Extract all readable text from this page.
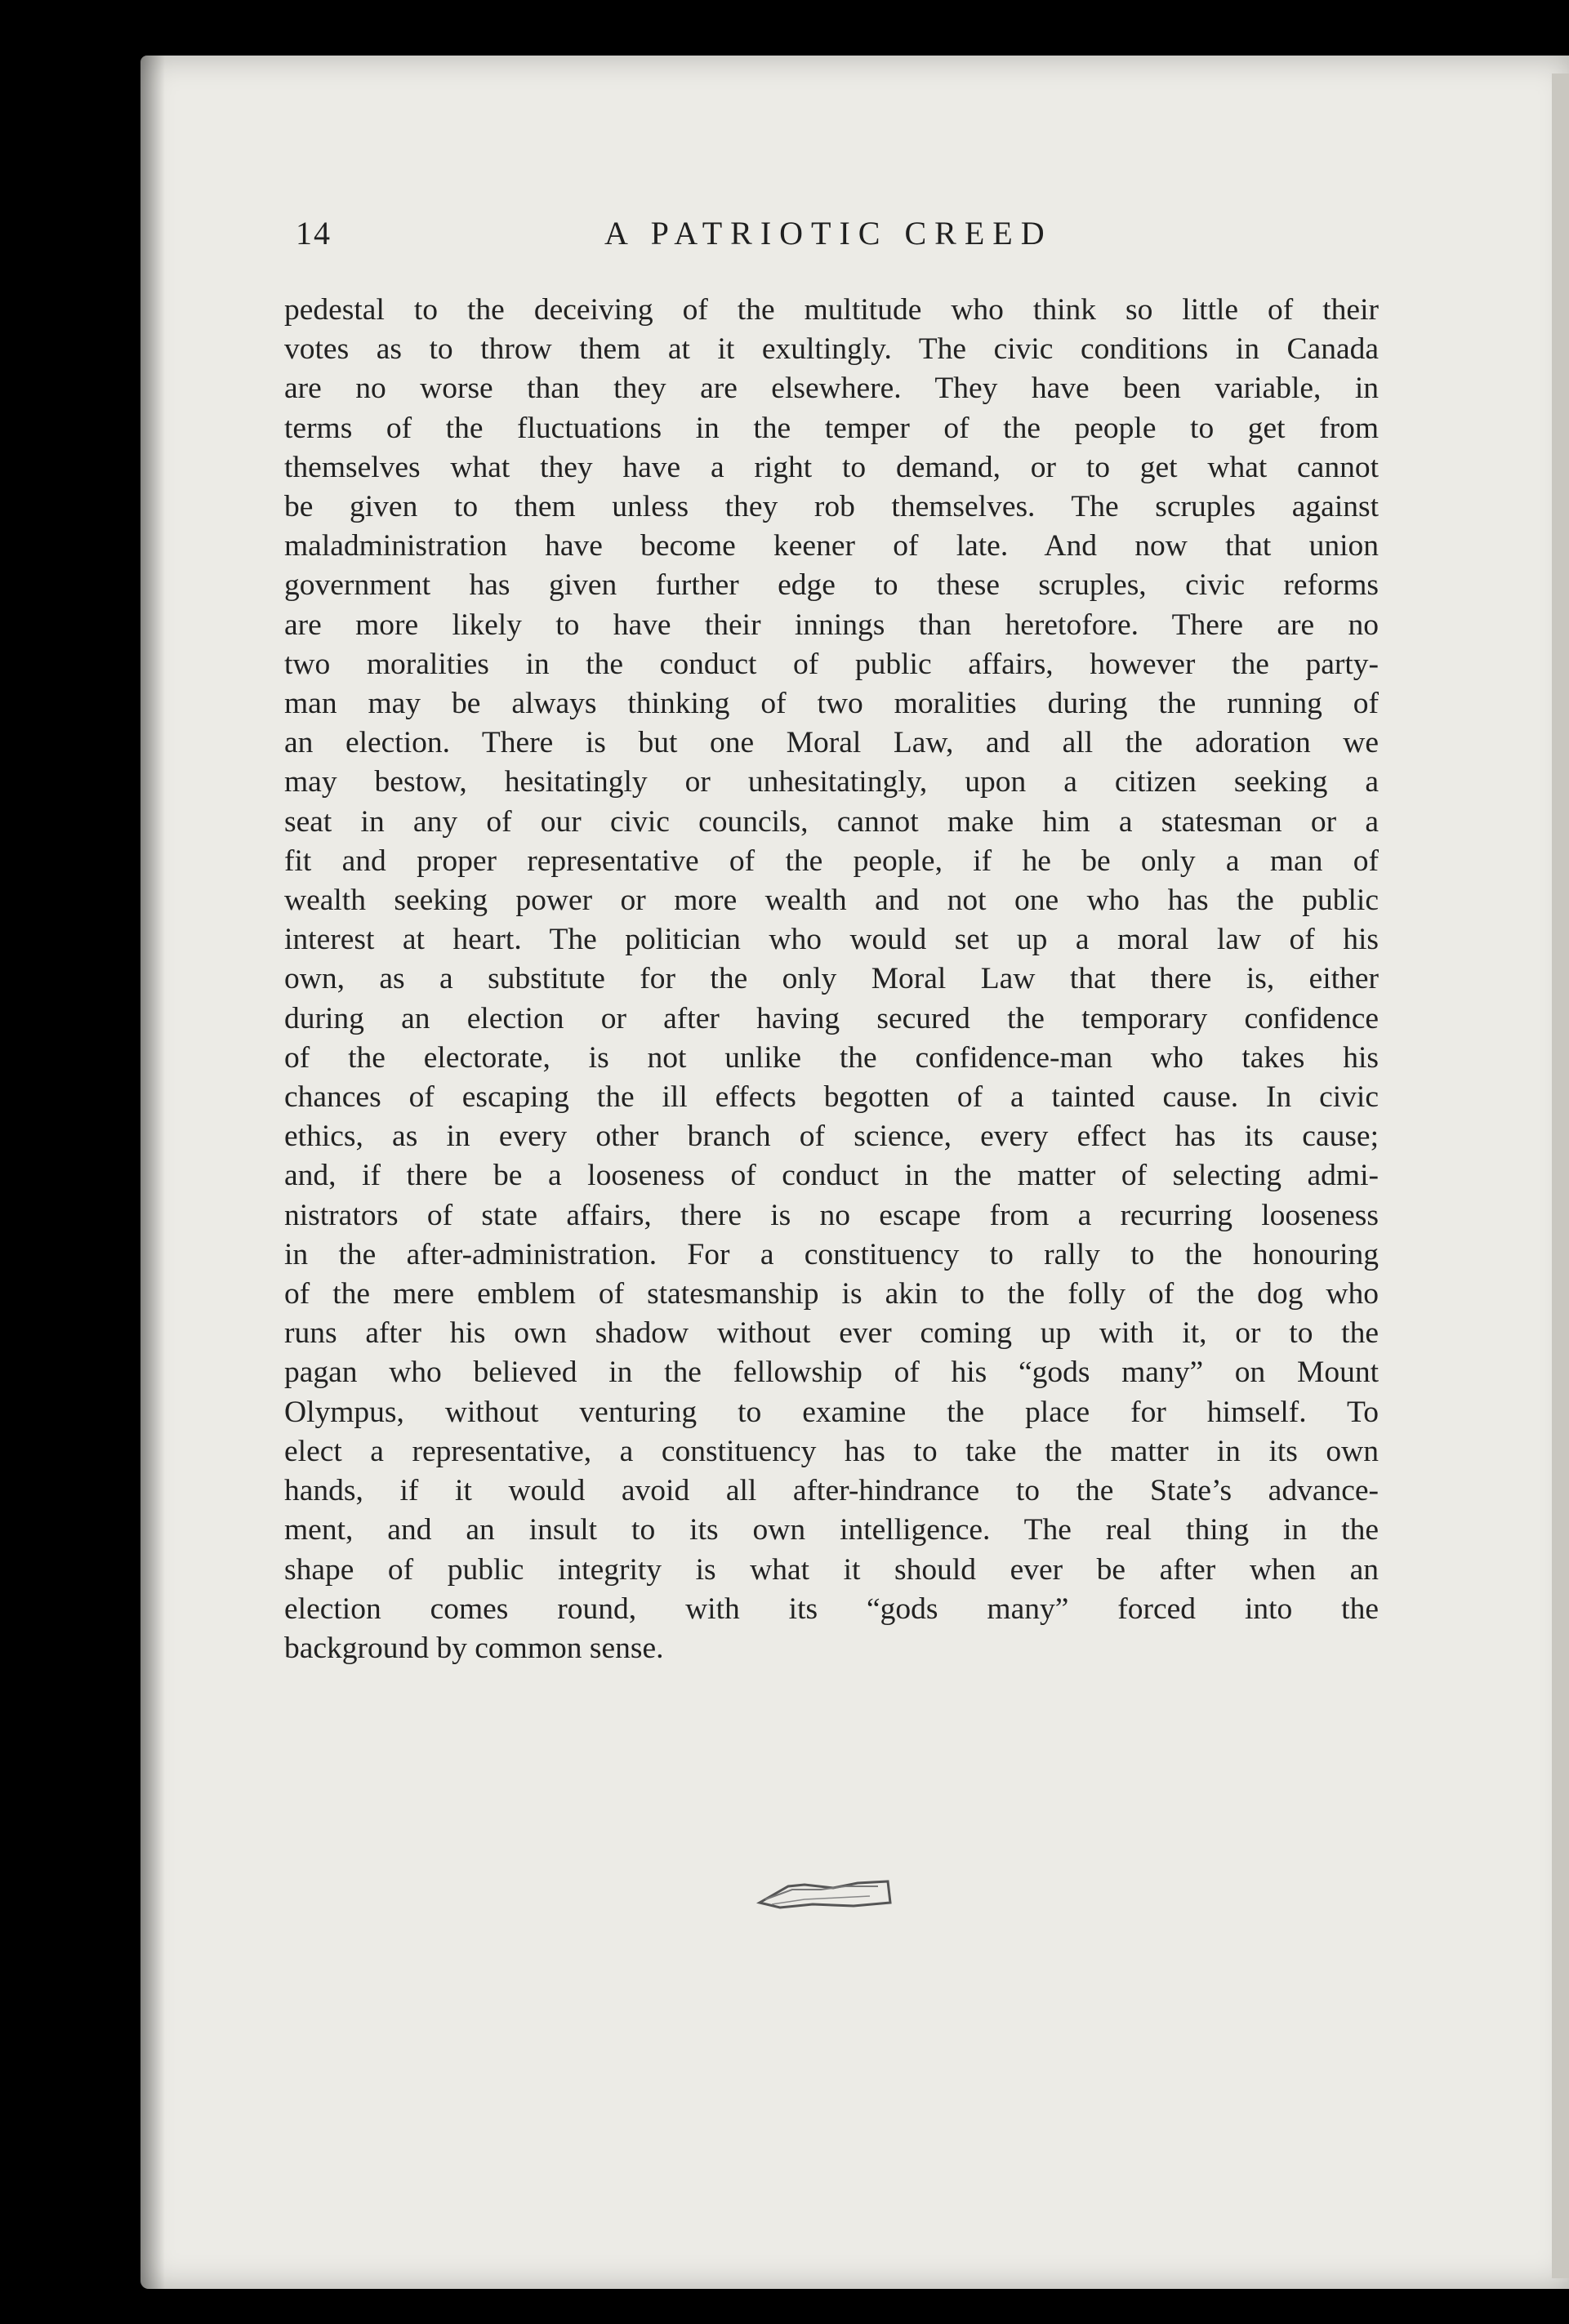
14	A PATRIOTIC CREED
pedestal to the deceiving of the multitude who think so little of their
votes as to throw them at it exultingly. The civic conditions in Canada
are no worse than they are elsewhere. They have been variable, in
terms of the fluctuations in the temper of the people to get from
themselves what they have a right to demand, or to get what cannot
be given to them unless they rob themselves. The scruples against
maladministration have become keener of late. And now that union
government has given further edge to these scruples, civic reforms
are more likely to have their innings than heretofore. There are no
two moralities in the conduct of public affairs, however the party-
man may be always thinking of two moralities during the running of
an election. There is but one Moral Law, and all the adoration we
may bestow, hesitatingly or unhesitatingly, upon a citizen seeking a
seat in any of our civic councils, cannot make him a statesman or a
fit and proper representative of the people, if he be only a man of
wealth seeking power or more wealth and not one who has the public
interest at heart. The politician who would set up a moral law of his
own, as a substitute for the only Moral Law that there is, either
during an election or after having secured the temporary confidence
of the electorate, is not unlike the confidence-man who takes his
chances of escaping the ill effects begotten of a tainted cause. In civic
ethics, as in every other branch of science, every effect has its cause;
and, if there be a looseness of conduct in the matter of selecting admi-
nistrators of state affairs, there is no escape from a recurring looseness
in the after-administration. For a constituency to rally to the honouring
of the mere emblem of statesmanship is akin to the folly of the dog who
runs after his own shadow without ever coming up with it, or to the
pagan who believed in the fellowship of his “gods many” on Mount
Olympus, without venturing to examine the place for himself. To
elect a representative, a constituency has to take the matter in its own
hands, if it would avoid all after-hindrance to the State’s advance-
ment, and an insult to its own intelligence. The real thing in the
shape of public integrity is what it should ever be after when an
election comes round, with its “gods many” forced into the
background by common sense.
